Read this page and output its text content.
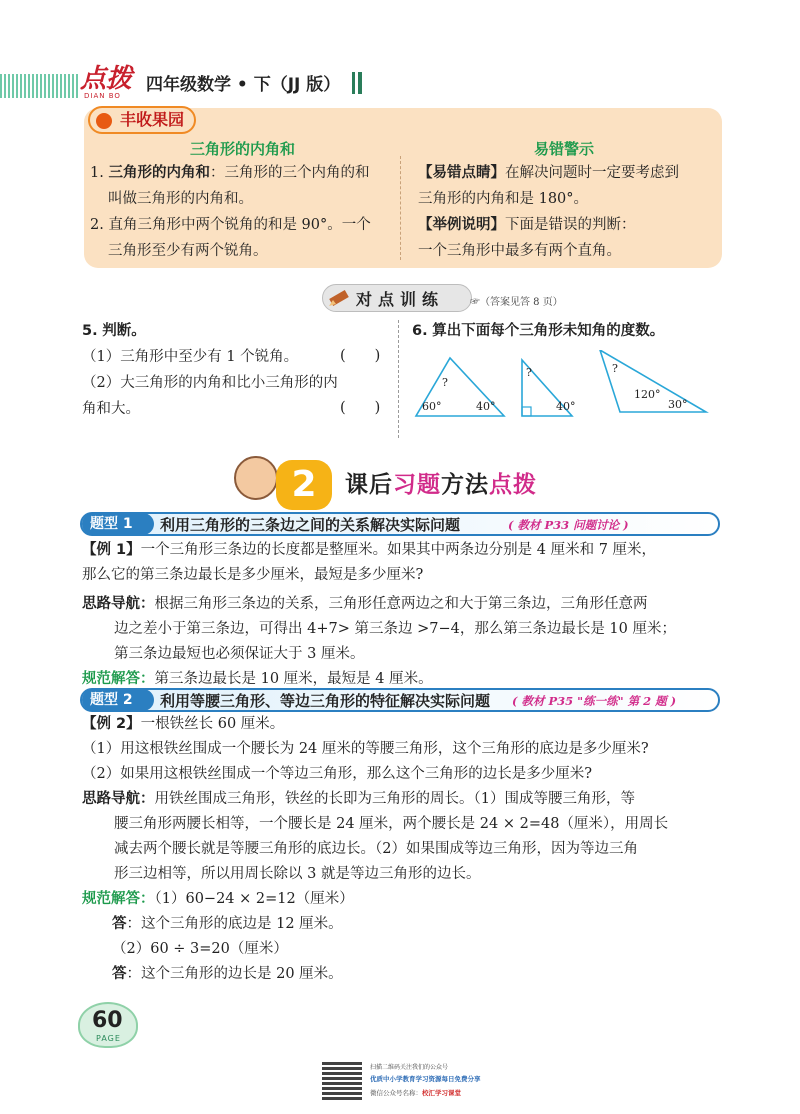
点拨
DIAN BO
四年级数学 • 下（JJ 版）
丰收果园
三角形的内角和	易错警示
1. 三角形的内角和：三角形的三个内角的和
叫做三角形的内角和。
2. 直角三角形中两个锐角的和是 90°。一个
三角形至少有两个锐角。
【易错点睛】在解决问题时一定要考虑到
三角形的内角和是 180°。
【举例说明】下面是错误的判断：
一个三角形中最多有两个直角。
对点训练	☞（答案见答 8 页）
5. 判断。
（1）三角形中至少有 1 个锐角。
（2）大三角形的内角和比小三角形的内
角和大。
(　　)
(　　)
6. 算出下面每个三角形未知角的度数。
?
60°	40°
?
40°
?
120°
30°
2	课后习题方法点拨
题型 1	利用三角形的三条边之间的关系解决实际问题	( 教材 P33 问题讨论 )
【例 1】一个三角形三条边的长度都是整厘米。如果其中两条边分别是 4 厘米和 7 厘米，
那么它的第三条边最长是多少厘米，最短是多少厘米?
思路导航：根据三角形三条边的关系，三角形任意两边之和大于第三条边，三角形任意两
边之差小于第三条边，可得出 4+7> 第三条边 >7−4，那么第三条边最长是 10 厘米；
第三条边最短也必须保证大于 3 厘米。
规范解答：第三条边最长是 10 厘米，最短是 4 厘米。
题型 2	利用等腰三角形、等边三角形的特征解决实际问题 ( 教材 P35 "练一练" 第 2 题 )
【例 2】一根铁丝长 60 厘米。
（1）用这根铁丝围成一个腰长为 24 厘米的等腰三角形，这个三角形的底边是多少厘米?
（2）如果用这根铁丝围成一个等边三角形，那么这个三角形的边长是多少厘米?
思路导航：用铁丝围成三角形，铁丝的长即为三角形的周长。（1）围成等腰三角形，等
腰三角形两腰长相等，一个腰长是 24 厘米，两个腰长是 24 × 2=48（厘米），用周长
减去两个腰长就是等腰三角形的底边长。（2）如果围成等边三角形，因为等边三角
形三边相等，所以用周长除以 3 就是等边三角形的边长。
规范解答：（1）60−24 × 2=12（厘米）
答：这个三角形的底边是 12 厘米。
（2）60 ÷ 3=20（厘米）
答：这个三角形的边长是 20 厘米。
60
PAGE
扫描二维码关注我们的公众号
优质中小学教育学习资源每日免费分享
微信公众号名称：校汇学习课堂
